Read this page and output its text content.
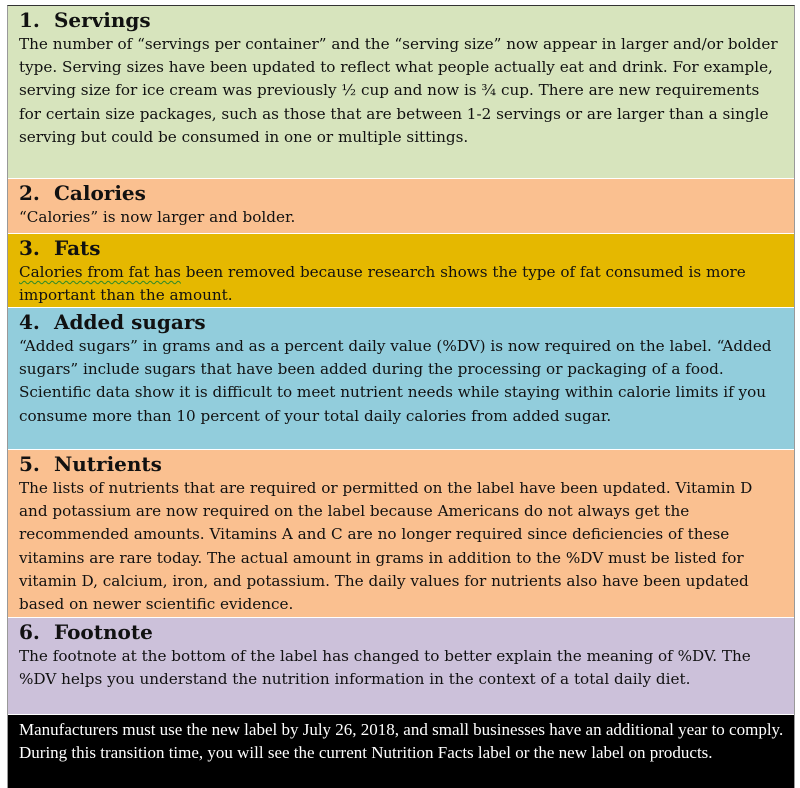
1. Servings

The number of “servings per container” and the “serving size” now appear in larger and/or bolder type. Serving sizes have been updated to reflect what people actually eat and drink. For example, serving size for ice cream was previously ½ cup and now is ¾ cup. There are new requirements for certain size packages, such as those that are between 1-2 servings or are larger than a single serving but could be consumed in one or multiple sittings.

2. Calories

“Calories” is now larger and bolder.

3. Fats

Calories from fat has been removed because research shows the type of fat consumed is more important than the amount.

4. Added sugars

“Added sugars” in grams and as a percent daily value (%DV) is now required on the label. “Added sugars” include sugars that have been added during the processing or packaging of a food. Scientific data show it is difficult to meet nutrient needs while staying within calorie limits if you consume more than 10 percent of your total daily calories from added sugar.

5. Nutrients

The lists of nutrients that are required or permitted on the label have been updated. Vitamin D and potassium are now required on the label because Americans do not always get the recommended amounts. Vitamins A and C are no longer required since deficiencies of these vitamins are rare today. The actual amount in grams in addition to the %DV must be listed for vitamin D, calcium, iron, and potassium. The daily values for nutrients also have been updated based on newer scientific evidence.

6. Footnote

The footnote at the bottom of the label has changed to better explain the meaning of %DV. The %DV helps you understand the nutrition information in the context of a total daily diet.

Manufacturers must use the new label by July 26, 2018, and small businesses have an additional year to comply. During this transition time, you will see the current Nutrition Facts label or the new label on products.
